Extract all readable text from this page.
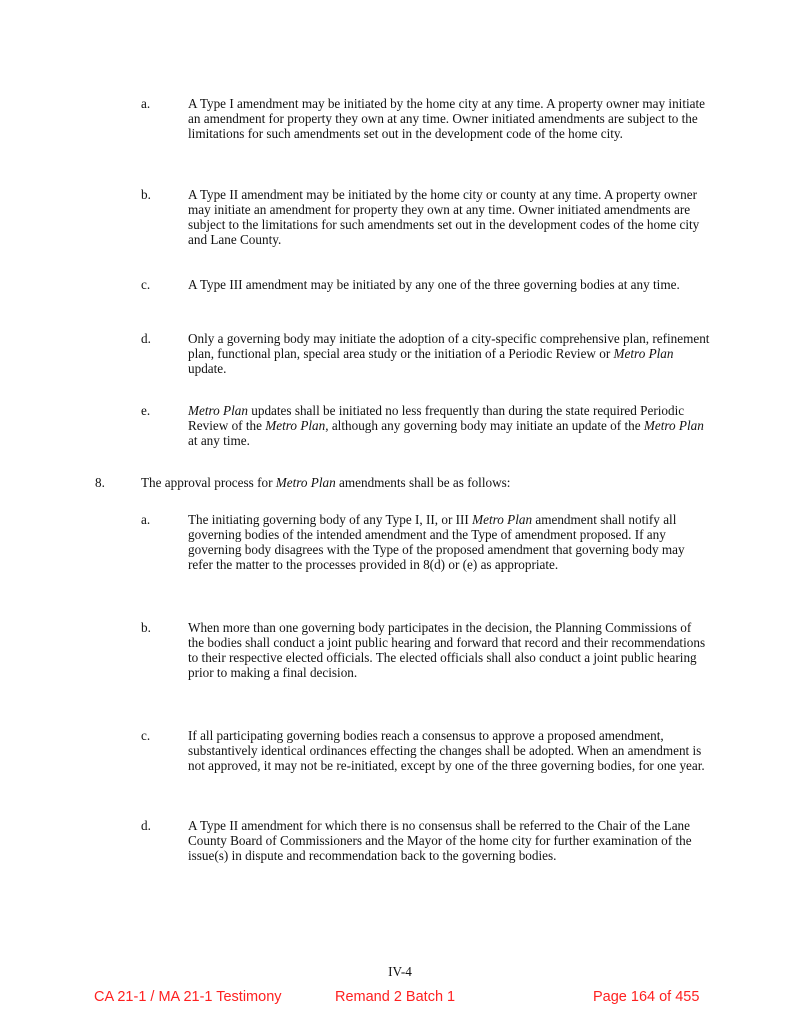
a.	A Type I amendment may be initiated by the home city at any time. A property owner may initiate an amendment for property they own at any time. Owner initiated amendments are subject to the limitations for such amendments set out in the development code of the home city.
b.	A Type II amendment may be initiated by the home city or county at any time. A property owner may initiate an amendment for property they own at any time. Owner initiated amendments are subject to the limitations for such amendments set out in the development codes of the home city and Lane County.
c.	A Type III amendment may be initiated by any one of the three governing bodies at any time.
d.	Only a governing body may initiate the adoption of a city-specific comprehensive plan, refinement plan, functional plan, special area study or the initiation of a Periodic Review or Metro Plan update.
e.	Metro Plan updates shall be initiated no less frequently than during the state required Periodic Review of the Metro Plan, although any governing body may initiate an update of the Metro Plan at any time.
8.	The approval process for Metro Plan amendments shall be as follows:
a.	The initiating governing body of any Type I, II, or III Metro Plan amendment shall notify all governing bodies of the intended amendment and the Type of amendment proposed. If any governing body disagrees with the Type of the proposed amendment that governing body may refer the matter to the processes provided in 8(d) or (e) as appropriate.
b.	When more than one governing body participates in the decision, the Planning Commissions of the bodies shall conduct a joint public hearing and forward that record and their recommendations to their respective elected officials. The elected officials shall also conduct a joint public hearing prior to making a final decision.
c.	If all participating governing bodies reach a consensus to approve a proposed amendment, substantively identical ordinances effecting the changes shall be adopted. When an amendment is not approved, it may not be re-initiated, except by one of the three governing bodies, for one year.
d.	A Type II amendment for which there is no consensus shall be referred to the Chair of the Lane County Board of Commissioners and the Mayor of the home city for further examination of the issue(s) in dispute and recommendation back to the governing bodies.
IV-4
CA 21-1 / MA 21-1 Testimony	Remand 2 Batch 1	Page 164 of 455
